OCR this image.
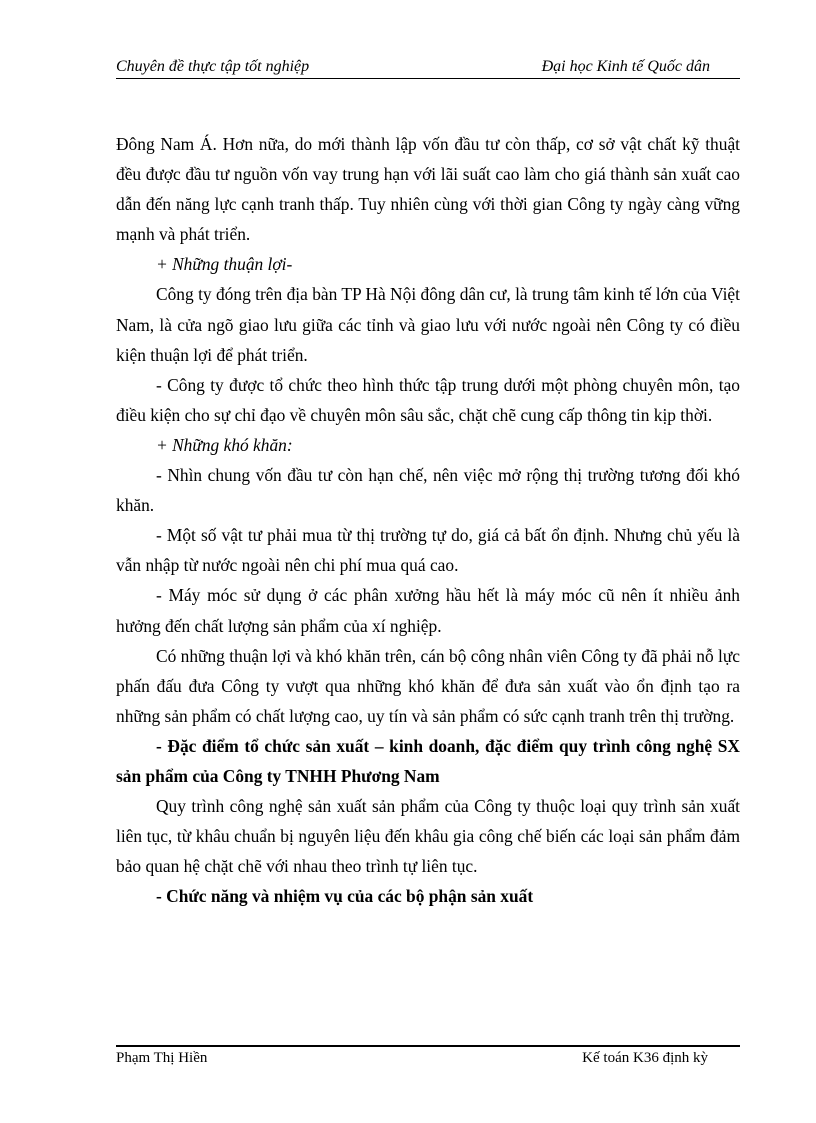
Chuyên đề thực tập tốt nghiệp	Đại học Kinh tế Quốc dân

Đông Nam Á. Hơn nữa, do mới thành lập vốn đầu tư còn thấp, cơ sở vật chất kỹ thuật đều được đầu tư nguồn vốn vay trung hạn với lãi suất cao làm cho giá thành sản xuất cao dẫn đến năng lực cạnh tranh thấp. Tuy nhiên cùng với thời gian Công ty ngày càng vững mạnh và phát triển.

+ Những thuận lợi-

Công ty đóng trên địa bàn TP Hà Nội đông dân cư, là trung tâm kinh tế lớn của Việt Nam, là cửa ngõ giao lưu giữa các tỉnh và giao lưu với nước ngoài nên Công ty có điều kiện thuận lợi để phát triển.

- Công ty được tổ chức theo hình thức tập trung dưới một phòng chuyên môn, tạo điều kiện cho sự chỉ đạo về chuyên môn sâu sắc, chặt chẽ cung cấp thông tin kịp thời.

+ Những khó khăn:

- Nhìn chung vốn đầu tư còn hạn chế, nên việc mở rộng thị trường tương đối khó khăn.

- Một số vật tư phải mua từ thị trường tự do, giá cả bất ổn định. Nhưng chủ yếu là vẫn nhập từ nước ngoài nên chi phí mua quá cao.

- Máy móc sử dụng ở các phân xưởng hầu hết là máy móc cũ nên ít nhiều ảnh hưởng đến chất lượng sản phẩm của xí nghiệp.

Có những thuận lợi và khó khăn trên, cán bộ công nhân viên Công ty đã phải nỗ lực phấn đấu đưa Công ty vượt qua những khó khăn để đưa sản xuất vào ổn định tạo ra những sản phẩm có chất lượng cao, uy tín và sản phẩm có sức cạnh tranh trên thị trường.

- Đặc điểm tổ chức sản xuất – kinh doanh, đặc điểm quy trình công nghệ SX sản phẩm của Công ty TNHH Phương Nam

Quy trình công nghệ sản xuất sản phẩm của Công ty thuộc loại quy trình sản xuất liên tục, từ khâu chuẩn bị nguyên liệu đến khâu gia công chế biến các loại sản phẩm đảm bảo quan hệ chặt chẽ với nhau theo trình tự liên tục.

- Chức năng và nhiệm vụ của các bộ phận sản xuất

Phạm Thị Hiền	Kế toán K36 định kỳ
